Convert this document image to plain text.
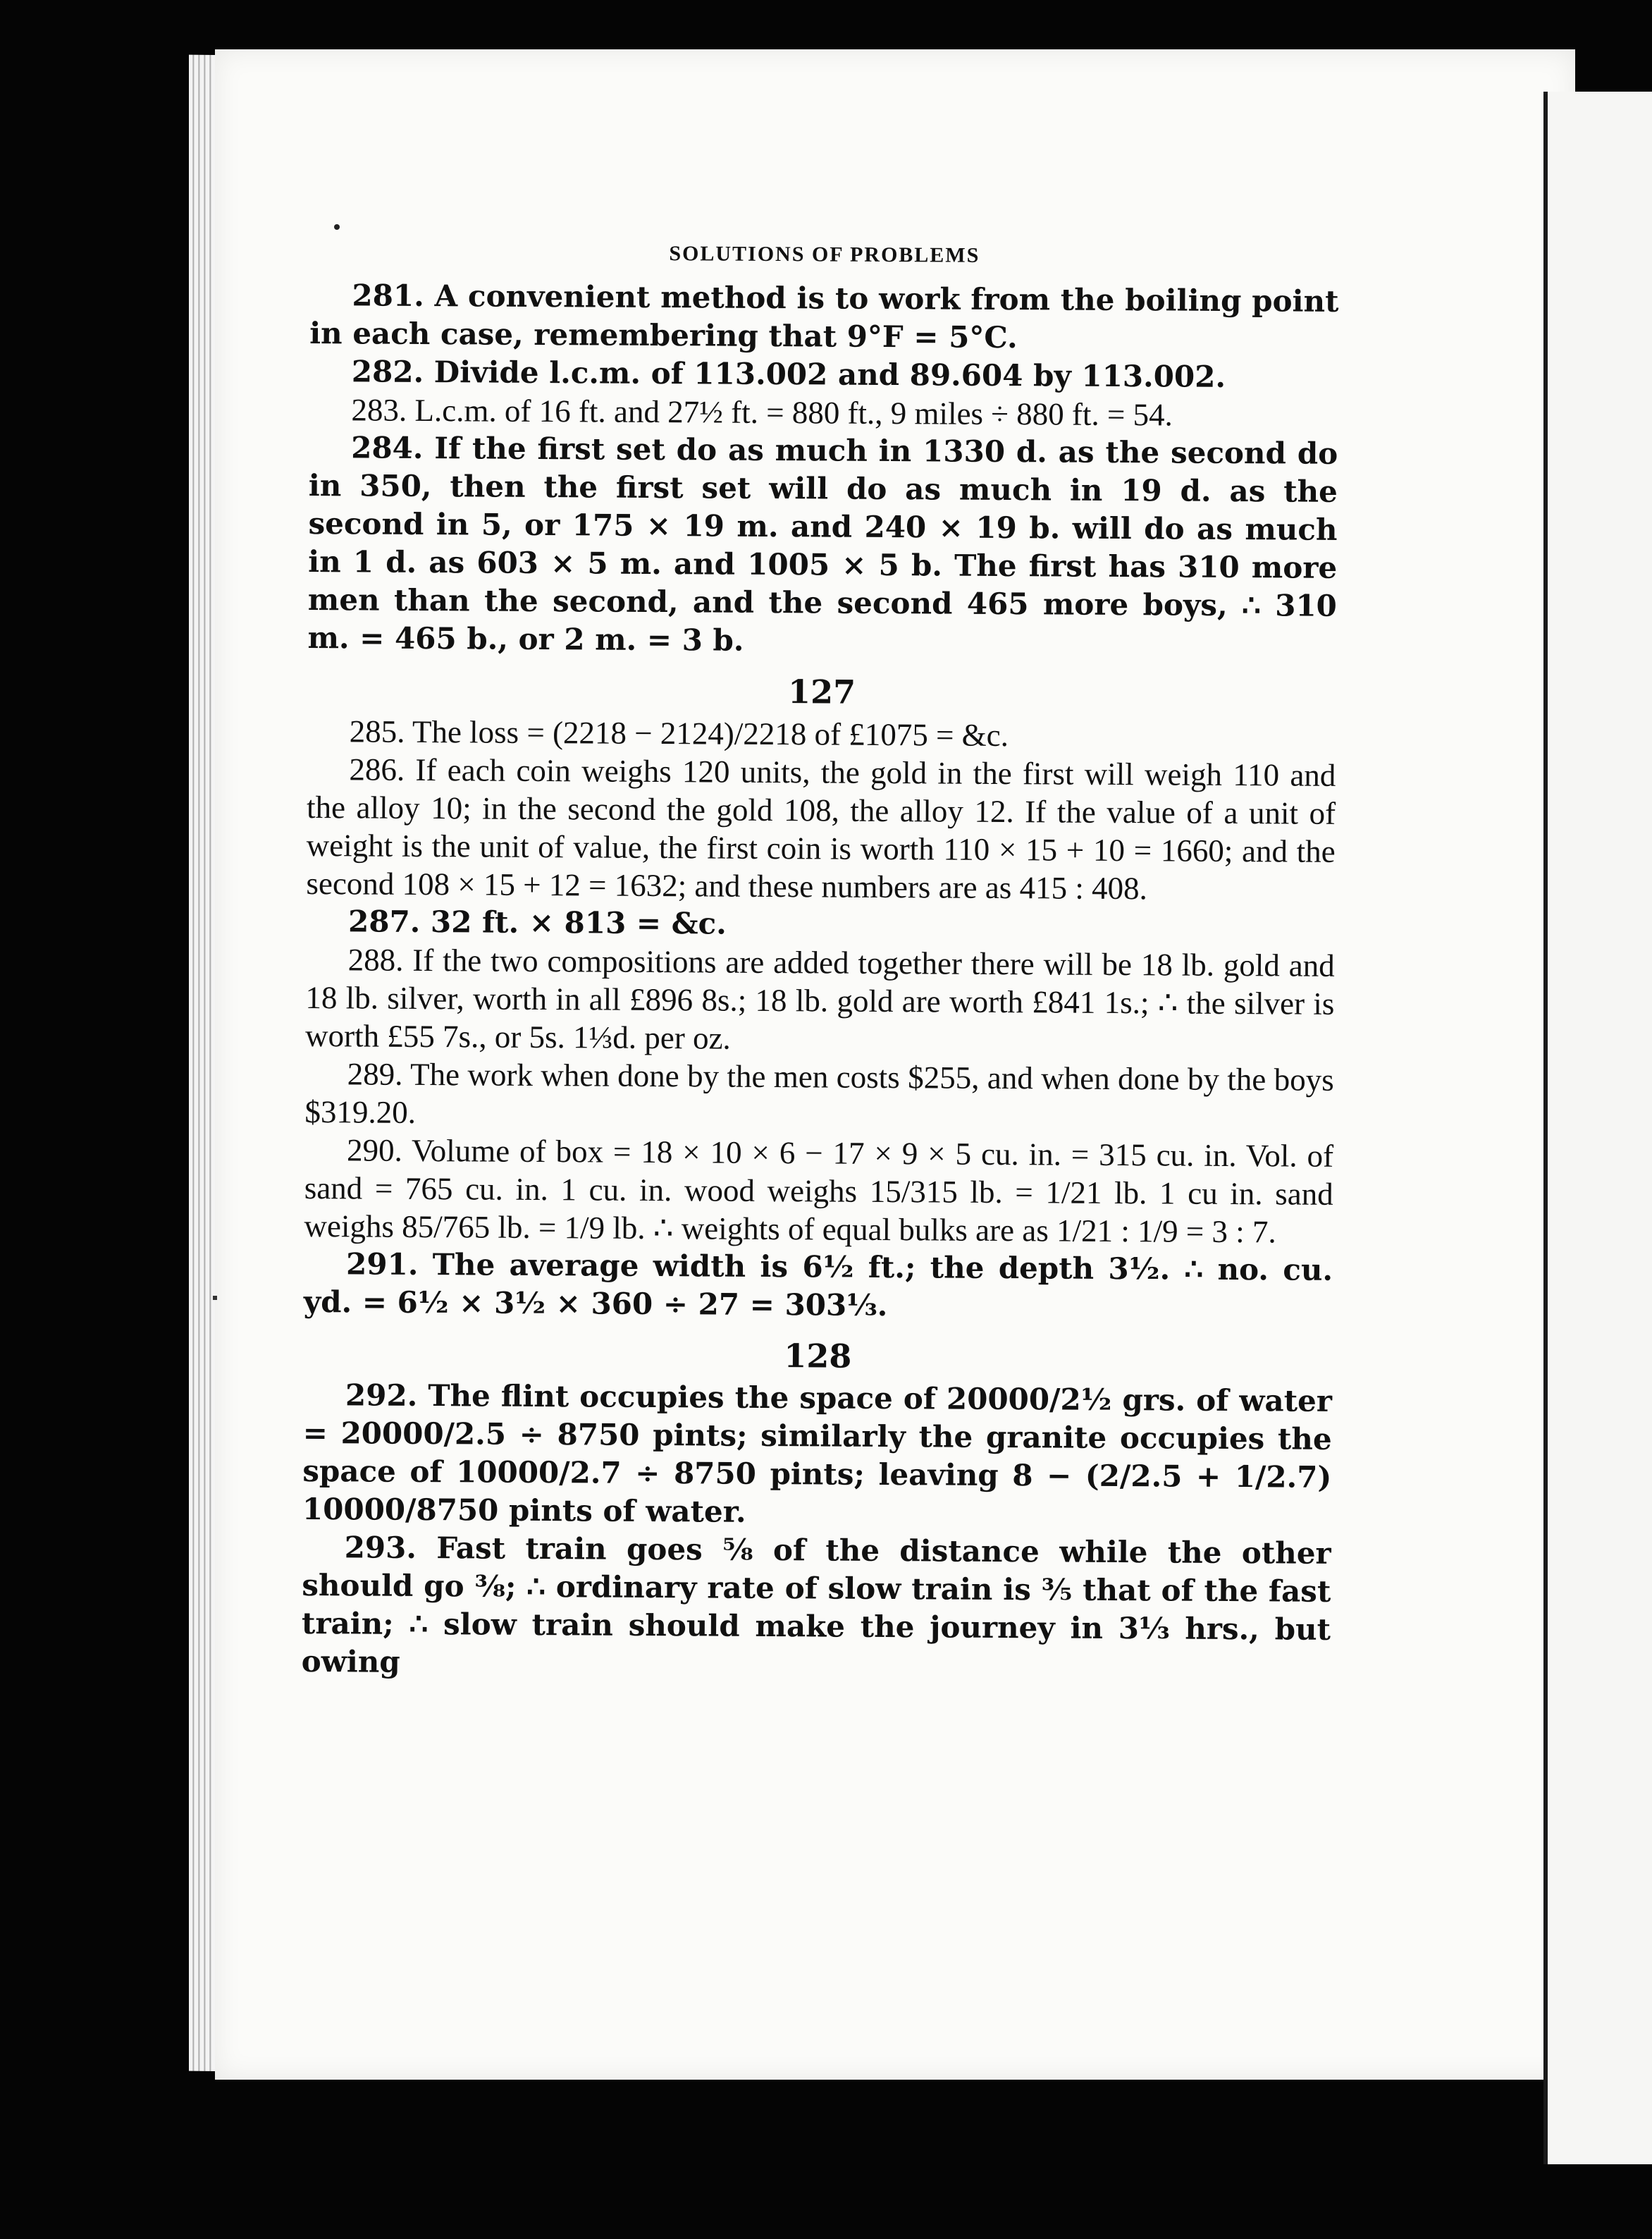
SOLUTIONS OF PROBLEMS

281. A convenient method is to work from the boiling point in each case, remembering that 9°F = 5°C.

282. Divide l.c.m. of 113.002 and 89.604 by 113.002.

283. L.c.m. of 16 ft. and 27½ ft. = 880 ft., 9 miles ÷ 880 ft. = 54.

284. If the first set do as much in 1330 d. as the second do in 350, then the first set will do as much in 19 d. as the second in 5, or 175 × 19 m. and 240 × 19 b. will do as much in 1 d. as 603 × 5 m. and 1005 × 5 b. The first has 310 more men than the second, and the second 465 more boys, ∴ 310 m. = 465 b., or 2 m. = 3 b.

127

285. The loss = (2218 − 2124)/2218 of £1075 = &c.

286. If each coin weighs 120 units, the gold in the first will weigh 110 and the alloy 10; in the second the gold 108, the alloy 12. If the value of a unit of weight is the unit of value, the first coin is worth 110 × 15 + 10 = 1660; and the second 108 × 15 + 12 = 1632; and these numbers are as 415 : 408.

287. 32 ft. × 813 = &c.

288. If the two compositions are added together there will be 18 lb. gold and 18 lb. silver, worth in all £896 8s.; 18 lb. gold are worth £841 1s.; ∴ the silver is worth £55 7s., or 5s. 1⅓d. per oz.

289. The work when done by the men costs $255, and when done by the boys $319.20.

290. Volume of box = 18 × 10 × 6 − 17 × 9 × 5 cu. in. = 315 cu. in. Vol. of sand = 765 cu. in. 1 cu. in. wood weighs 15/315 lb. = 1/21 lb. 1 cu in. sand weighs 85/765 lb. = 1/9 lb. ∴ weights of equal bulks are as 1/21 : 1/9 = 3 : 7.

291. The average width is 6½ ft.; the depth 3½. ∴ no. cu. yd. = 6½ × 3½ × 360 ÷ 27 = 303⅓.

128

292. The flint occupies the space of 20000/2½ grs. of water = 20000/2.5 ÷ 8750 pints; similarly the granite occupies the space of 10000/2.7 ÷ 8750 pints; leaving 8 − (2/2.5 + 1/2.7) 10000/8750 pints of water.

293. Fast train goes ⅝ of the distance while the other should go ⅜; ∴ ordinary rate of slow train is ⅗ that of the fast train; ∴ slow train should make the journey in 3⅓ hrs., but owing
